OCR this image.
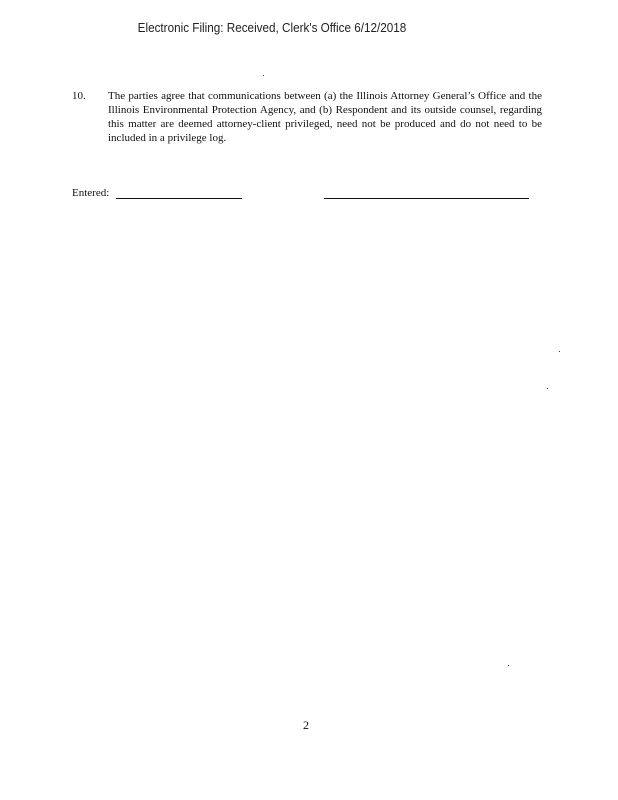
Electronic Filing: Received, Clerk's Office 6/12/2018
10. The parties agree that communications between (a) the Illinois Attorney General’s Office and the Illinois Environmental Protection Agency, and (b) Respondent and its outside counsel, regarding this matter are deemed attorney-client privileged, need not be produced and do not need to be included in a privilege log.
Entered:
2
